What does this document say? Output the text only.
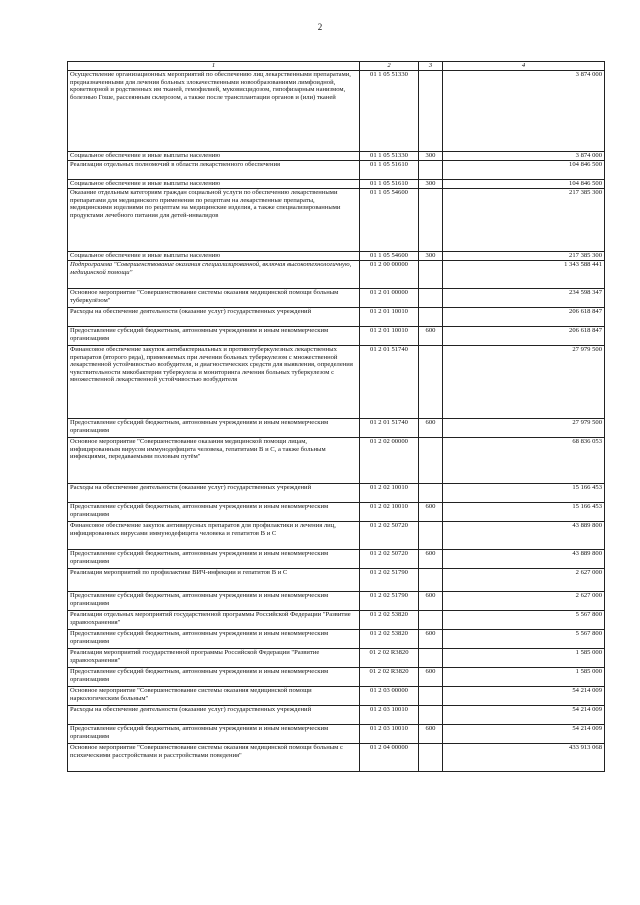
2
1	2	3	4
Осуществление организационных мероприятий по обеспечению лиц лекарственными препаратами, предназначенными для лечения больных злокачественными новообразованиями лимфоидной, кроветворной и родственных им тканей, гемофилией, муковисцидозом, гипофизарным нанизмом, болезнью Гоше, рассеянным склерозом, а также после трансплантации органов и (или) тканей	01 1 05 51330		3 874 000
Социальное обеспечение и иные выплаты населению	01 1 05 51330	300	3 874 000
Реализация отдельных полномочий в области лекарственного обеспечения	01 1 05 51610		104 846 500
Социальное обеспечение и иные выплаты населению	01 1 05 51610	300	104 846 500
Оказание отдельным категориям граждан социальной услуги по обеспечению лекарственными препаратами для медицинского применения по рецептам на лекарственные препараты, медицинскими изделиями по рецептам на медицинские изделия, а также специализированными продуктами лечебного питания для детей-инвалидов	01 1 05 54600		217 385 300
Социальное обеспечение и иные выплаты населению	01 1 05 54600	300	217 385 300
Подпрограмма "Совершенствование оказания специализированной, включая высокотехнологичную, медицинской помощи"	01 2 00 00000		1 343 588 441
Основное мероприятие "Совершенствование системы оказания медицинской помощи больным туберкулёзом"	01 2 01 00000		234 598 347
Расходы на обеспечение деятельности (оказание услуг) государственных учреждений	01 2 01 10010		206 618 847
Предоставление субсидий бюджетным, автономным учреждениям и иным некоммерческим организациям	01 2 01 10010	600	206 618 847
Финансовое обеспечение закупок антибактериальных и противотуберкулезных лекарственных препаратов (второго ряда), применяемых при лечении больных туберкулезом с множественной лекарственной устойчивостью возбудителя, и диагностических средств для выявления, определения чувствительности микобактерии туберкулеза и мониторинга лечения больных туберкулезом с множественной лекарственной устойчивостью возбудителя	01 2 01 51740		27 979 500
Предоставление субсидий бюджетным, автономным учреждениям и иным некоммерческим организациям	01 2 01 51740	600	27 979 500
Основное мероприятие "Совершенствование оказания медицинской помощи лицам, инфицированным вирусом иммунодефицита человека, гепатитами B и C, а также больным инфекциями, передаваемыми половым путём"	01 2 02 00000		68 836 053
Расходы на обеспечение деятельности (оказание услуг) государственных учреждений	01 2 02 10010		15 166 453
Предоставление субсидий бюджетным, автономным учреждениям и иным некоммерческим организациям	01 2 02 10010	600	15 166 453
Финансовое обеспечение закупок антивирусных препаратов для профилактики и лечения лиц, инфицированных вирусами иммунодефицита человека и гепатитов B и C	01 2 02 50720		43 889 800
Предоставление субсидий бюджетным, автономным учреждениям и иным некоммерческим организациям	01 2 02 50720	600	43 889 800
Реализация мероприятий по профилактике ВИЧ-инфекции и гепатитов B и C	01 2 02 51790		2 627 000
Предоставление субсидий бюджетным, автономным учреждениям и иным некоммерческим организациям	01 2 02 51790	600	2 627 000
Реализация отдельных мероприятий государственной программы Российской Федерации "Развитие здравоохранения"	01 2 02 53820		5 567 800
Предоставление субсидий бюджетным, автономным учреждениям и иным некоммерческим организациям	01 2 02 53820	600	5 567 800
Реализация мероприятий государственной программы Российской Федерации "Развитие здравоохранения"	01 2 02 R3820		1 585 000
Предоставление субсидий бюджетным, автономным учреждениям и иным некоммерческим организациям	01 2 02 R3820	600	1 585 000
Основное мероприятие "Совершенствование системы оказания медицинской помощи наркологическим больным"	01 2 03 00000		54 214 009
Расходы на обеспечение деятельности (оказание услуг) государственных учреждений	01 2 03 10010		54 214 009
Предоставление субсидий бюджетным, автономным учреждениям и иным некоммерческим организациям	01 2 03 10010	600	54 214 009
Основное мероприятие "Совершенствование системы оказания медицинской помощи больным с психическими расстройствами и расстройствами поведения"	01 2 04 00000		433 913 068
